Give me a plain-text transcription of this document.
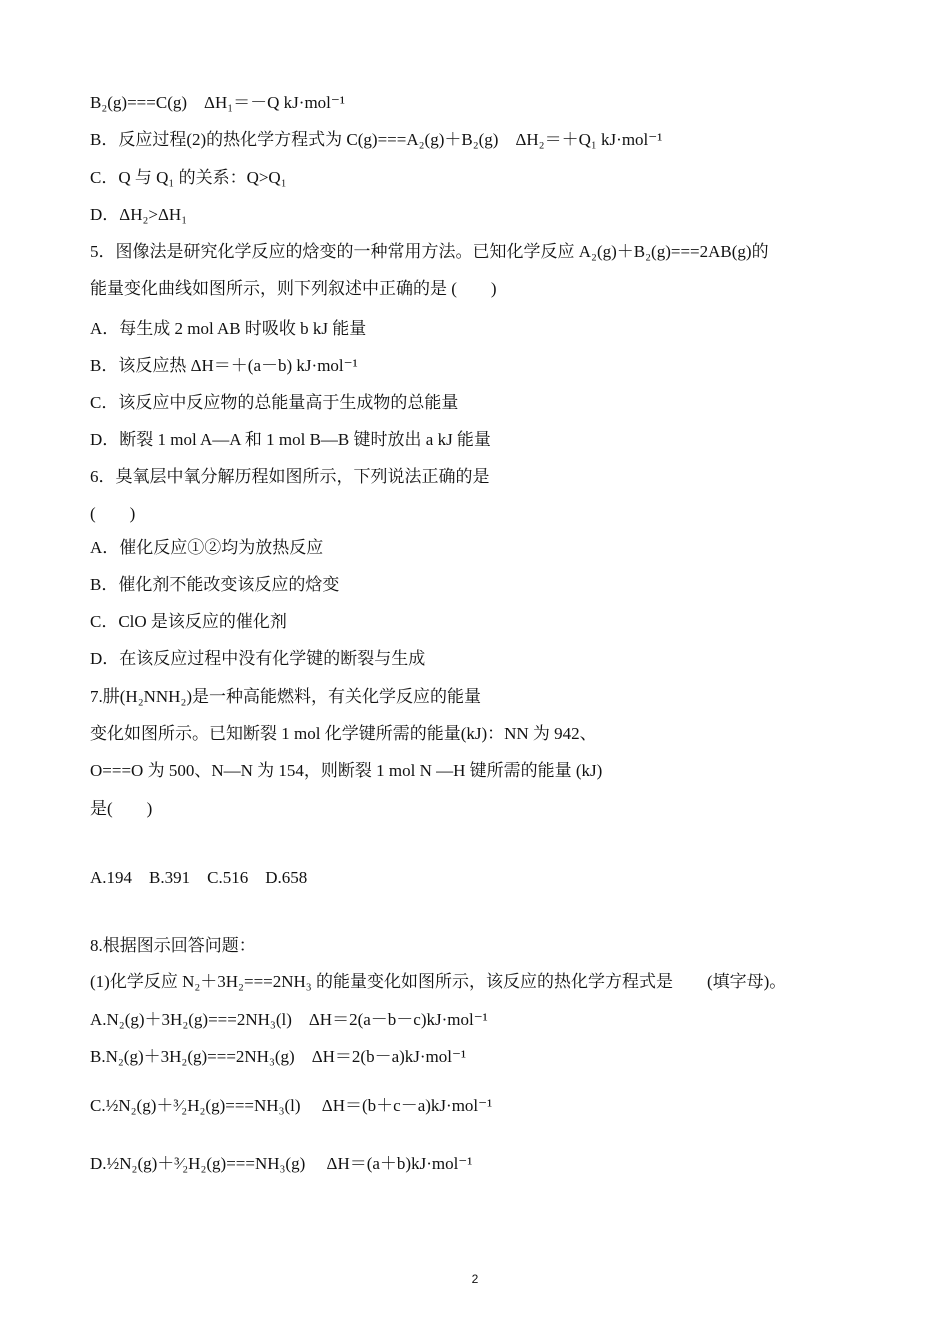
B₂(g)===C(g)　ΔH₁＝－Q kJ·mol⁻¹
B．反应过程(2)的热化学方程式为 C(g)===A₂(g)＋B₂(g)　ΔH₂＝＋Q₁ kJ·mol⁻¹
C．Q 与 Q₁ 的关系：Q>Q₁
D．ΔH₂>ΔH₁
5．图像法是研究化学反应的焓变的一种常用方法。已知化学反应 A₂(g)＋B₂(g)===2AB(g)的
能量变化曲线如图所示，则下列叙述中正确的是 (　　)
A．每生成 2 mol AB 时吸收 b kJ 能量
B．该反应热 ΔH＝＋(a－b) kJ·mol⁻¹
C．该反应中反应物的总能量高于生成物的总能量
D．断裂 1 mol A—A 和 1 mol B—B 键时放出 a kJ 能量
6．臭氧层中氧分解历程如图所示，下列说法正确的是
(　　)
A．催化反应①②均为放热反应
B．催化剂不能改变该反应的焓变
C．ClO 是该反应的催化剂
D．在该反应过程中没有化学键的断裂与生成
7.肼(H₂NNH₂)是一种高能燃料，有关化学反应的能量
变化如图所示。已知断裂 1 mol 化学键所需的能量(kJ)：NN 为 942、
O===O 为 500、N—N 为 154，则断裂 1 mol N —H 键所需的能量 (kJ)
是(　　)
A.194　B.391　C.516　D.658
8.根据图示回答问题：
(1)化学反应 N₂＋3H₂===2NH₃ 的能量变化如图所示，该反应的热化学方程式是　　(填字母)。
A.N₂(g)＋3H₂(g)===2NH₃(l)　ΔH＝2(a－b－c)kJ·mol⁻¹
B.N₂(g)＋3H₂(g)===2NH₃(g)　ΔH＝2(b－a)kJ·mol⁻¹
C.½N₂(g)＋³⁄₂H₂(g)===NH₃(l)　 ΔH＝(b＋c－a)kJ·mol⁻¹
D.½N₂(g)＋³⁄₂H₂(g)===NH₃(g)　 ΔH＝(a＋b)kJ·mol⁻¹
2
